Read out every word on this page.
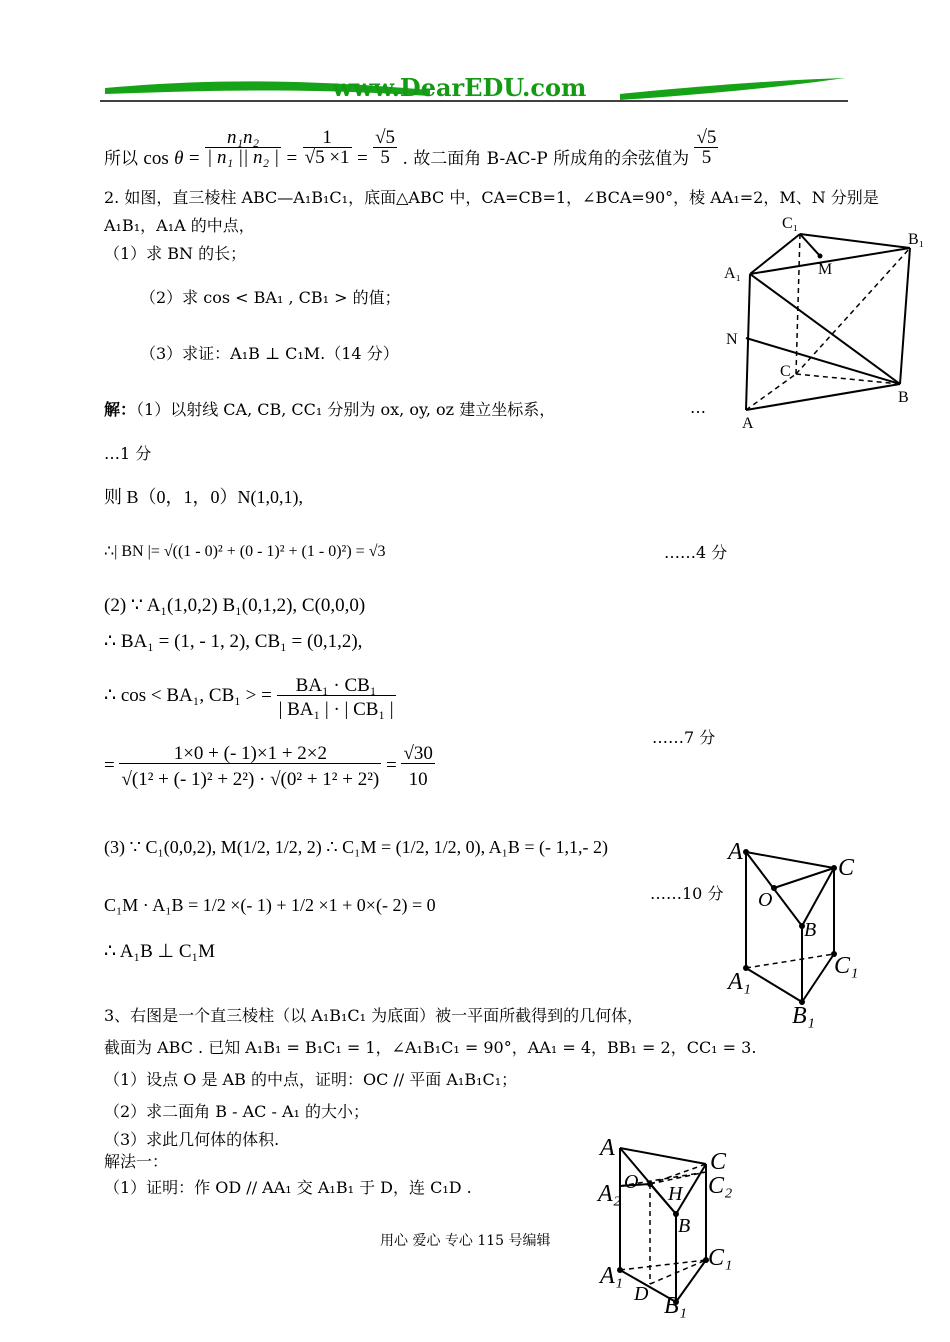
www.DearEDU.com
所以 $\cos \theta = \frac{\text{n₁n₂}}{\text{| n₁ || n₂ |}} = \frac{1}{√5 \times 1} = \frac{√5}{5}$ . 故二面角 B-AC-P 所成角的余弦值为 $\frac{√5}{5}$
2. 如图，直三棱柱 ABC—A₁B₁C₁，底面△ABC 中，CA=CB=1，∠BCA=90°，棱 AA₁=2，M、N 分别是
A₁B₁，A₁A 的中点，
（1）求 BN 的长；
（2）求 cos < BA₁ , CB₁ > 的值；
（3）求证：A₁B ⊥ C₁M.（14 分）
C₁
B₁
A₁	M
N
C
B
A
解：（1）以射线 CA, CB, CC₁ 分别为 ox, oy, oz 建立坐标系，	…
…1 分
则 B（0，1，0）N(1,0,1),
∴| BN |= √((1 - 0)² + (0 - 1)² + (1 - 0)²) = √3	……4 分
(2) ∵ A₁(1,0,2) B₁(0,1,2), C(0,0,0)
∴ BA₁ = (1, - 1, 2), CB₁ = (0,1,2),
∴ cos < BA₁, CB₁ > = $\frac{\text{BA₁ · CB₁}}{\text{| BA₁ | · | CB₁ |}}$
= $\frac{1\times 0 + (- 1)\times 1 + 2\times 2}{\text{√(1² + (- 1)² + 2²) · √(0² + 1² + 2²)}} = \frac{√30}{10}$
……7 分
(3) ∵ C₁(0,0,2), M(1/2, 1/2, 2) ∴ C₁M = (1/2, 1/2, 0), A₁B = (- 1,1,- 2)
C₁M · A₁B = 1/2 ×(- 1) + 1/2 ×1 + 0×(- 2) = 0
……10 分
∴ A₁B ⊥ C₁M
A
C
O
B
C₁
A₁
B₁
3、右图是一个直三棱柱（以 A₁B₁C₁ 为底面）被一平面所截得到的几何体，
截面为 ABC . 已知 A₁B₁ = B₁C₁ = 1，∠A₁B₁C₁ = 90°，AA₁ = 4，BB₁ = 2，CC₁ = 3.
（1）设点 O 是 AB 的中点，证明：OC // 平面 A₁B₁C₁；
（2）求二面角 B - AC - A₁ 的大小；
（3）求此几何体的体积.
解法一：
（1）证明：作 OD // AA₁ 交 A₁B₁ 于 D，连 C₁D .
A
C
O
H C₂
A₂
B
C₁
A₁
D B₁
用心 爱心 专心 115 号编辑
